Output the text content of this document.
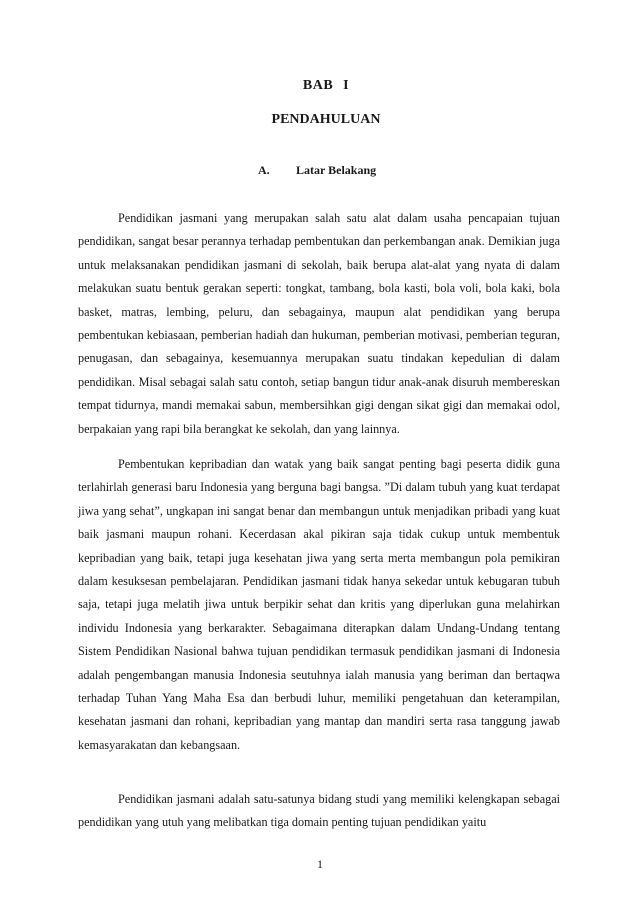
BAB I
PENDAHULUAN
A. Latar Belakang

Pendidikan jasmani yang merupakan salah satu alat dalam usaha pencapaian tujuan pendidikan, sangat besar perannya terhadap pembentukan dan perkembangan anak. Demikian juga untuk melaksanakan pendidikan jasmani di sekolah, baik berupa alat-alat yang nyata di dalam melakukan suatu bentuk gerakan seperti: tongkat, tambang, bola kasti, bola voli, bola kaki, bola basket, matras, lembing, peluru, dan sebagainya, maupun alat pendidikan yang berupa pembentukan kebiasaan, pemberian hadiah dan hukuman, pemberian motivasi, pemberian teguran, penugasan, dan sebagainya, kesemuannya merupakan suatu tindakan kepedulian di dalam pendidikan. Misal sebagai salah satu contoh, setiap bangun tidur anak-anak disuruh membereskan tempat tidurnya, mandi memakai sabun, membersihkan gigi dengan sikat gigi dan memakai odol, berpakaian yang rapi bila berangkat ke sekolah, dan yang lainnya.

Pembentukan kepribadian dan watak yang baik sangat penting bagi peserta didik guna terlahirlah generasi baru Indonesia yang berguna bagi bangsa. ”Di dalam tubuh yang kuat terdapat jiwa yang sehat”, ungkapan ini sangat benar dan membangun untuk menjadikan pribadi yang kuat baik jasmani maupun rohani. Kecerdasan akal pikiran saja tidak cukup untuk membentuk kepribadian yang baik, tetapi juga kesehatan jiwa yang serta merta membangun pola pemikiran dalam kesuksesan pembelajaran. Pendidikan jasmani tidak hanya sekedar untuk kebugaran tubuh saja, tetapi juga melatih jiwa untuk berpikir sehat dan kritis yang diperlukan guna melahirkan individu Indonesia yang berkarakter. Sebagaimana diterapkan dalam Undang-Undang tentang Sistem Pendidikan Nasional bahwa tujuan pendidikan termasuk pendidikan jasmani di Indonesia adalah pengembangan manusia Indonesia seutuhnya ialah manusia yang beriman dan bertaqwa terhadap Tuhan Yang Maha Esa dan berbudi luhur, memiliki pengetahuan dan keterampilan, kesehatan jasmani dan rohani, kepribadian yang mantap dan mandiri serta rasa tanggung jawab kemasyarakatan dan kebangsaan.

Pendidikan jasmani adalah satu-satunya bidang studi yang memiliki kelengkapan sebagai pendidikan yang utuh yang melibatkan tiga domain penting tujuan pendidikan yaitu

1
